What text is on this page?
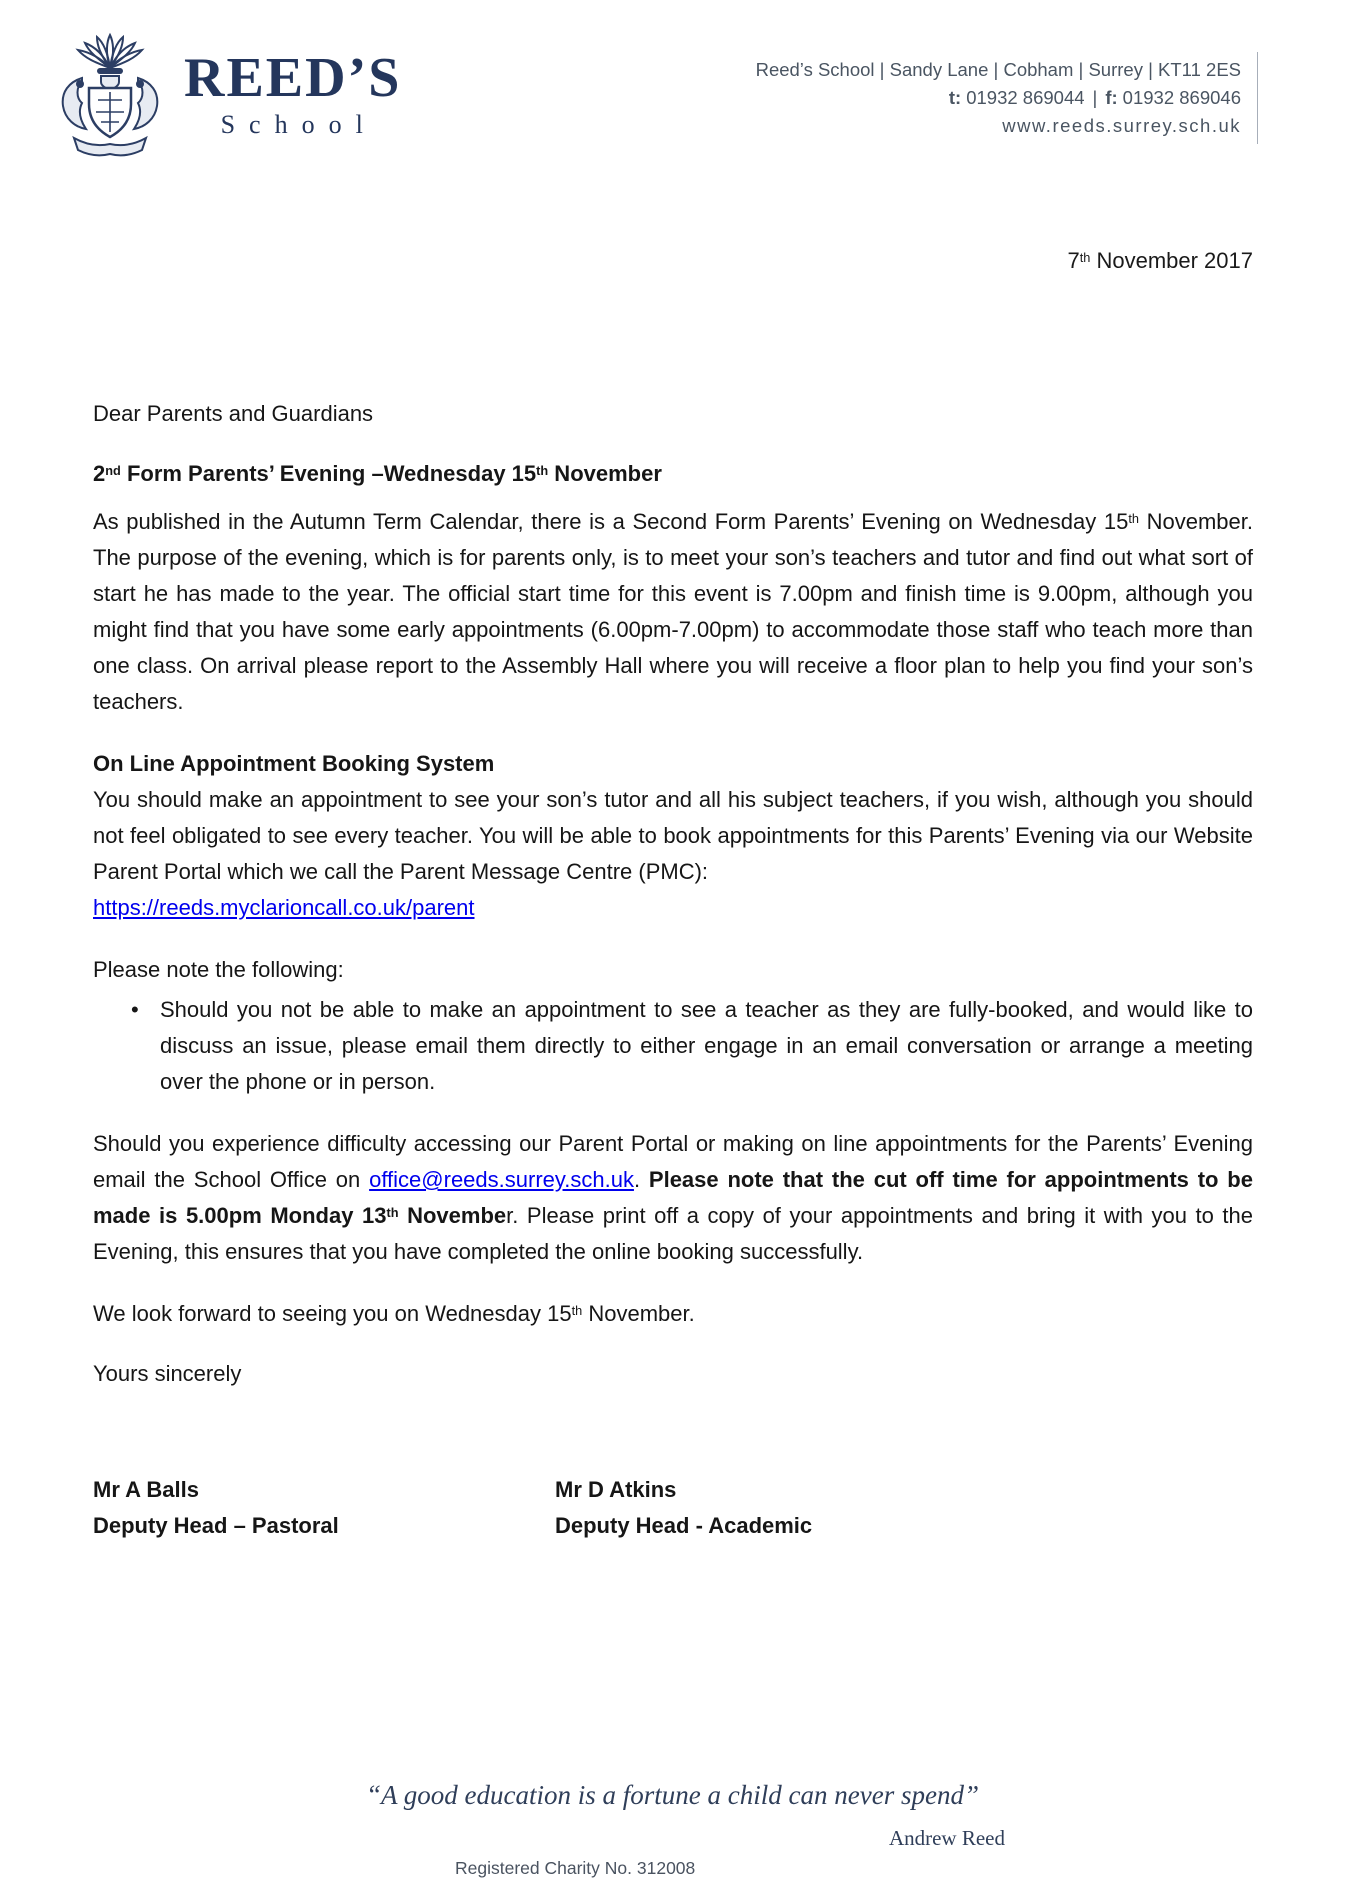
REED’S
School
Reed’s School | Sandy Lane | Cobham | Surrey | KT11 2ES
t: 01932 869044 | f: 01932 869046
www.reeds.surrey.sch.uk
7th November 2017

Dear Parents and Guardians

2nd Form Parents’ Evening –Wednesday 15th November

As published in the Autumn Term Calendar, there is a Second Form Parents’ Evening on Wednesday 15th November. The purpose of the evening, which is for parents only, is to meet your son’s teachers and tutor and find out what sort of start he has made to the year. The official start time for this event is 7.00pm and finish time is 9.00pm, although you might find that you have some early appointments (6.00pm-7.00pm) to accommodate those staff who teach more than one class. On arrival please report to the Assembly Hall where you will receive a floor plan to help you find your son’s teachers.

On Line Appointment Booking System

You should make an appointment to see your son’s tutor and all his subject teachers, if you wish, although you should not feel obligated to see every teacher. You will be able to book appointments for this Parents’ Evening via our Website Parent Portal which we call the Parent Message Centre (PMC):

https://reeds.myclarioncall.co.uk/parent

Please note the following:

• Should you not be able to make an appointment to see a teacher as they are fully-booked, and would like to discuss an issue, please email them directly to either engage in an email conversation or arrange a meeting over the phone or in person.

Should you experience difficulty accessing our Parent Portal or making on line appointments for the Parents’ Evening email the School Office on office@reeds.surrey.sch.uk. Please note that the cut off time for appointments to be made is 5.00pm Monday 13th November. Please print off a copy of your appointments and bring it with you to the Evening, this ensures that you have completed the online booking successfully.

We look forward to seeing you on Wednesday 15th November.

Yours sincerely

Mr A Balls
Deputy Head – Pastoral
Mr D Atkins
Deputy Head - Academic
“A good education is a fortune a child can never spend”
Andrew Reed
Registered Charity No. 312008
